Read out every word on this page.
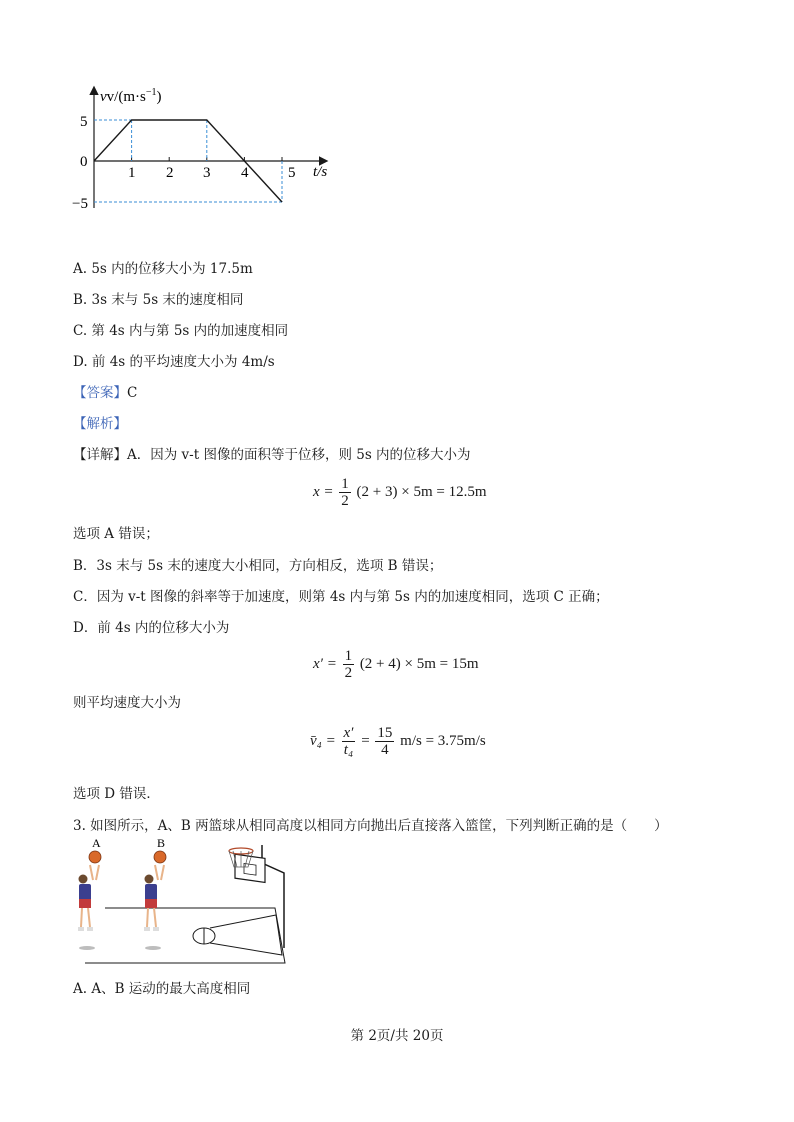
$vv/(m\cdot s^{-1})$
t/s
5
0
−5
1 2 3 4	5
A. 5s 内的位移大小为 17.5m
B. 3s 末与 5s 末的速度相同
C. 第 4s 内与第 5s 内的加速度相同
D. 前 4s 的平均速度大小为 4m/s
【答案】C
【解析】
【详解】A．因为 v-t 图像的面积等于位移，则 5s 内的位移大小为
$x = \frac{1}{2} (2 + 3) \times 5m = 12.5m$
选项 A 错误；
B．3s 末与 5s 末的速度大小相同，方向相反，选项 B 错误；
C．因为 v-t 图像的斜率等于加速度，则第 4s 内与第 5s 内的加速度相同，选项 C 正确；
D．前 4s 内的位移大小为
$x' = \frac{1}{2} (2 + 4) \times 5m = 15m$
则平均速度大小为
v̄₄ = $\frac{x'}{\text{t₄}} = \frac{15}{4} m/s = 3.75m/s$
选项 D 错误．
3. 如图所示，A、B 两篮球从相同高度以相同方向抛出后直接落入篮筐，下列判断正确的是（　　）
A	B
A. A、B 运动的最大高度相同
第 2页/共 20页
